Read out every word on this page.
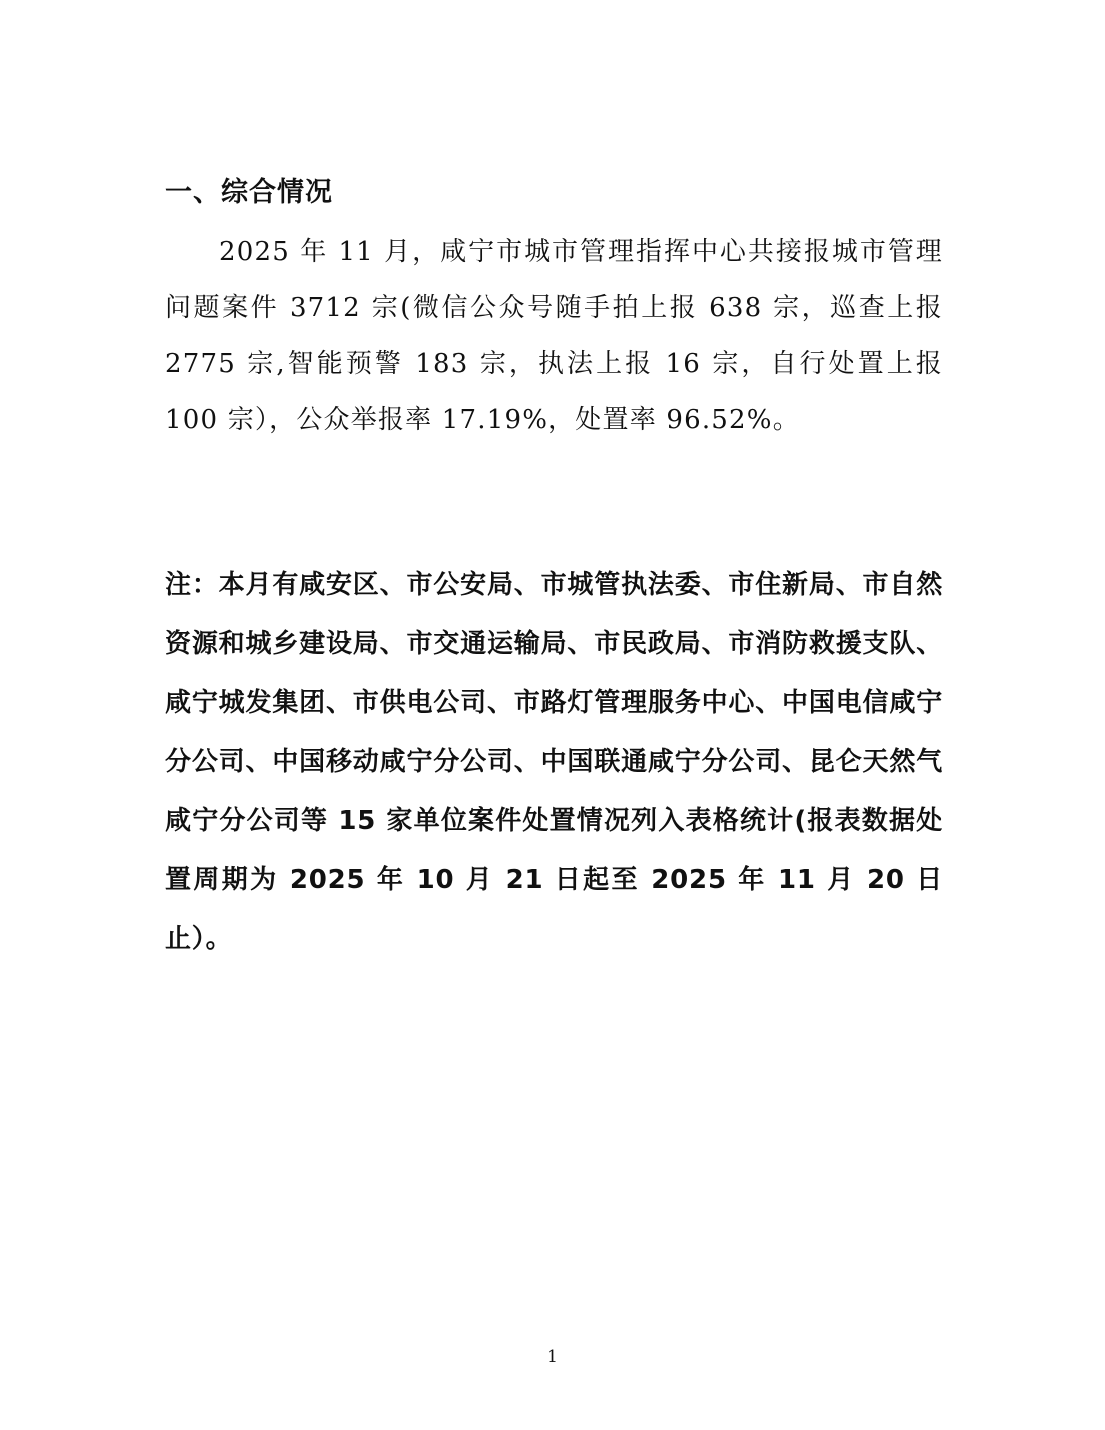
一、综合情况

2025 年 11 月，咸宁市城市管理指挥中心共接报城市管理问题案件 3712 宗(微信公众号随手拍上报 638 宗，巡查上报 2775 宗,智能预警 183 宗，执法上报 16 宗，自行处置上报 100 宗），公众举报率 17.19%，处置率 96.52%。

注：本月有咸安区、市公安局、市城管执法委、市住新局、市自然资源和城乡建设局、市交通运输局、市民政局、市消防救援支队、咸宁城发集团、市供电公司、市路灯管理服务中心、中国电信咸宁分公司、中国移动咸宁分公司、中国联通咸宁分公司、昆仑天然气咸宁分公司等 15 家单位案件处置情况列入表格统计(报表数据处置周期为 2025 年 10 月 21 日起至 2025 年 11 月 20 日止）。

1
